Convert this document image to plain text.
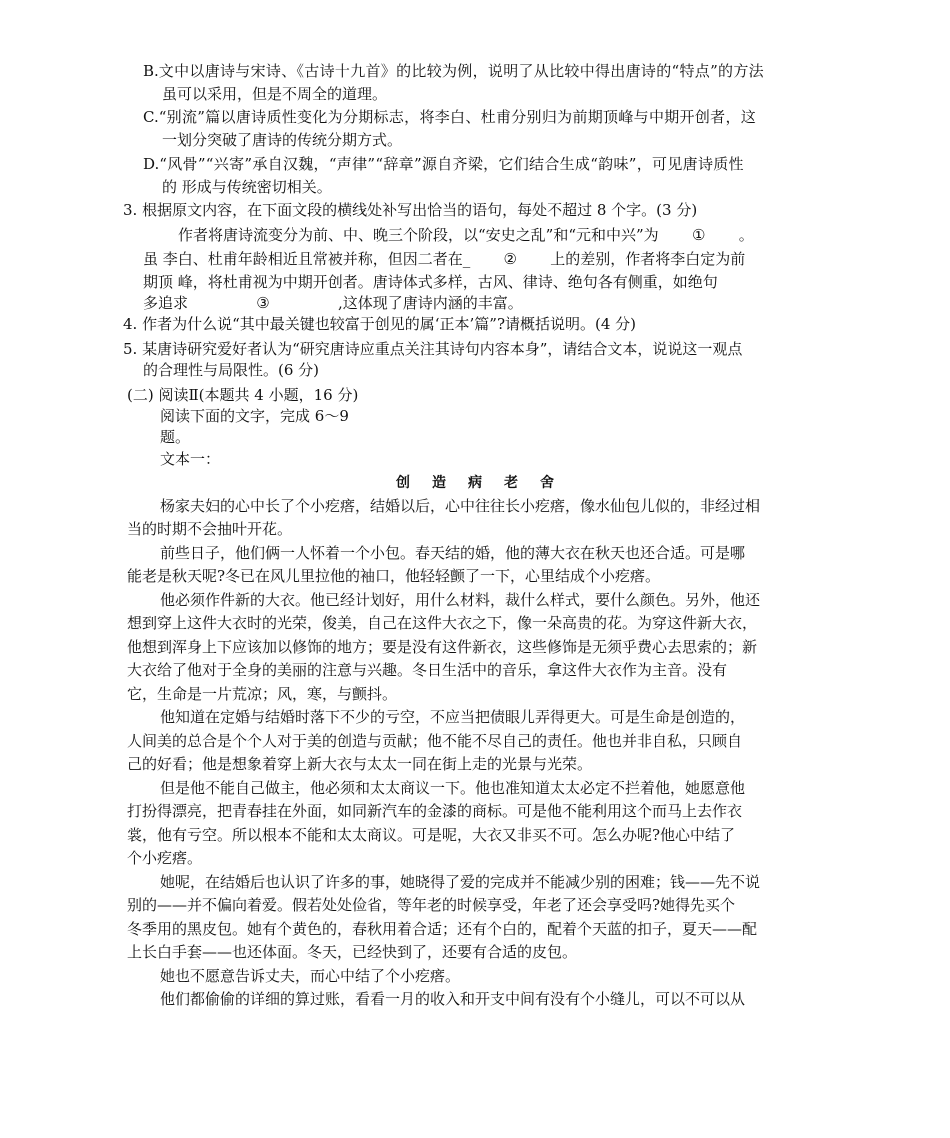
B.文中以唐诗与宋诗、《古诗十九首》的比较为例，说明了从比较中得出唐诗的“特点”的方法
虽可以采用，但是不周全的道理。
C.“别流”篇以唐诗质性变化为分期标志，将李白、杜甫分别归为前期顶峰与中期开创者，这
一划分突破了唐诗的传统分期方式。
D.“风骨”“兴寄”承自汉魏，“声律”“辞章”源自齐梁，它们结合生成“韵味”，可见唐诗质性
的 形成与传统密切相关。
3. 根据原文内容，在下面文段的横线处补写出恰当的语句，每处不超过 8 个字。(3 分)
作者将唐诗流变分为前、中、晚三个阶段，以“安史之乱”和“元和中兴”为 ① 。
虽 李白、杜甫年龄相近且常被并称，但因二者在_ ② 上的差别，作者将李白定为前
期顶 峰，将杜甫视为中期开创者。唐诗体式多样，古风、律诗、绝句各有侧重，如绝句
多追求	③	,这体现了唐诗内涵的丰富。
4. 作者为什么说“其中最关键也较富于创见的属‘正本’篇”?请概括说明。(4 分)
5. 某唐诗研究爱好者认为“研究唐诗应重点关注其诗句内容本身”，请结合文本，说说这一观点
的合理性与局限性。(6 分)
(二) 阅读Ⅱ(本题共 4 小题，16 分)
阅读下面的文字，完成 6～9
题。
文本一：
创 造 病 老 舍
杨家夫妇的心中长了个小疙瘩，结婚以后，心中往往长小疙瘩，像水仙包儿似的，非经过相
当的时期不会抽叶开花。
前些日子，他们俩一人怀着一个小包。春天结的婚，他的薄大衣在秋天也还合适。可是哪
能老是秋天呢?冬已在风儿里拉他的袖口，他轻轻颤了一下，心里结成个小疙瘩。
他必须作件新的大衣。他已经计划好，用什么材料，裁什么样式，要什么颜色。另外，他还
想到穿上这件大衣时的光荣，俊美，自己在这件大衣之下，像一朵高贵的花。为穿这件新大衣，
他想到浑身上下应该加以修饰的地方；要是没有这件新衣，这些修饰是无须乎费心去思索的；新
大衣给了他对于全身的美丽的注意与兴趣。冬日生活中的音乐，拿这件大衣作为主音。没有
它，生命是一片荒凉；风，寒，与颤抖。
他知道在定婚与结婚时落下不少的亏空，不应当把债眼儿弄得更大。可是生命是创造的，
人间美的总合是个个人对于美的创造与贡献；他不能不尽自己的责任。他也并非自私，只顾自
己的好看；他是想象着穿上新大衣与太太一同在街上走的光景与光荣。
但是他不能自己做主，他必须和太太商议一下。他也准知道太太必定不拦着他，她愿意他
打扮得漂亮，把青春挂在外面，如同新汽车的金漆的商标。可是他不能利用这个而马上去作衣
裳，他有亏空。所以根本不能和太太商议。可是呢，大衣又非买不可。怎么办呢?他心中结了
个小疙瘩。
她呢，在结婚后也认识了许多的事，她晓得了爱的完成并不能减少别的困难；钱——先不说
别的——并不偏向着爱。假若处处俭省，等年老的时候享受，年老了还会享受吗?她得先买个
冬季用的黑皮包。她有个黄色的，春秋用着合适；还有个白的，配着个天蓝的扣子，夏天——配
上长白手套——也还体面。冬天，已经快到了，还要有合适的皮包。
她也不愿意告诉丈夫，而心中结了个小疙瘩。
他们都偷偷的详细的算过账，看看一月的收入和开支中间有没有个小缝儿，可以不可以从
